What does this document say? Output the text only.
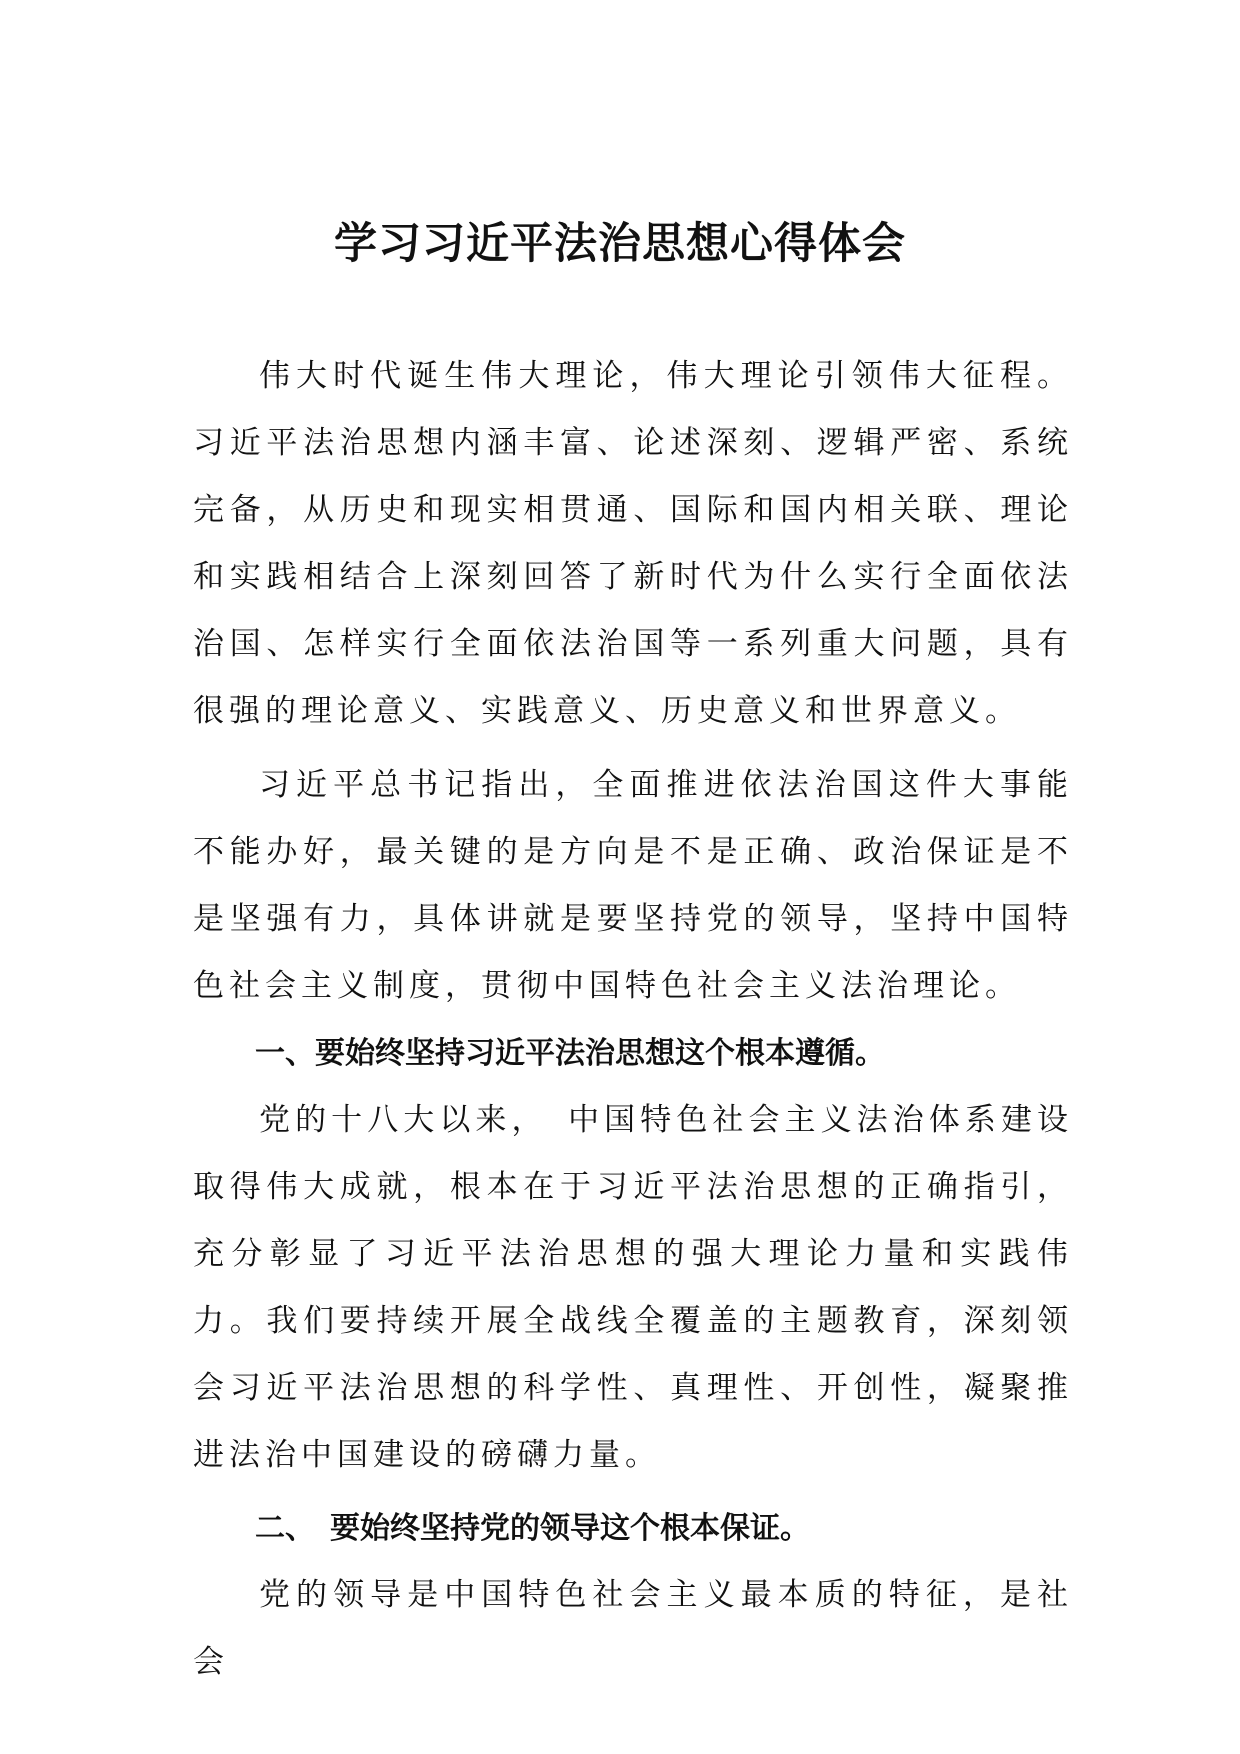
学习习近平法治思想心得体会

伟大时代诞生伟大理论，伟大理论引领伟大征程。习近平法治思想内涵丰富、论述深刻、逻辑严密、系统完备，从历史和现实相贯通、国际和国内相关联、理论和实践相结合上深刻回答了新时代为什么实行全面依法治国、怎样实行全面依法治国等一系列重大问题，具有很强的理论意义、实践意义、历史意义和世界意义。

习近平总书记指出，全面推进依法治国这件大事能不能办好，最关键的是方向是不是正确、政治保证是不是坚强有力，具体讲就是要坚持党的领导，坚持中国特色社会主义制度，贯彻中国特色社会主义法治理论。

一、要始终坚持习近平法治思想这个根本遵循。

党的十八大以来，　中国特色社会主义法治体系建设取得伟大成就，根本在于习近平法治思想的正确指引，充分彰显了习近平法治思想的强大理论力量和实践伟力。我们要持续开展全战线全覆盖的主题教育，深刻领会习近平法治思想的科学性、真理性、开创性，凝聚推进法治中国建设的磅礴力量。

二、　要始终坚持党的领导这个根本保证。

党的领导是中国特色社会主义最本质的特征，是社会
